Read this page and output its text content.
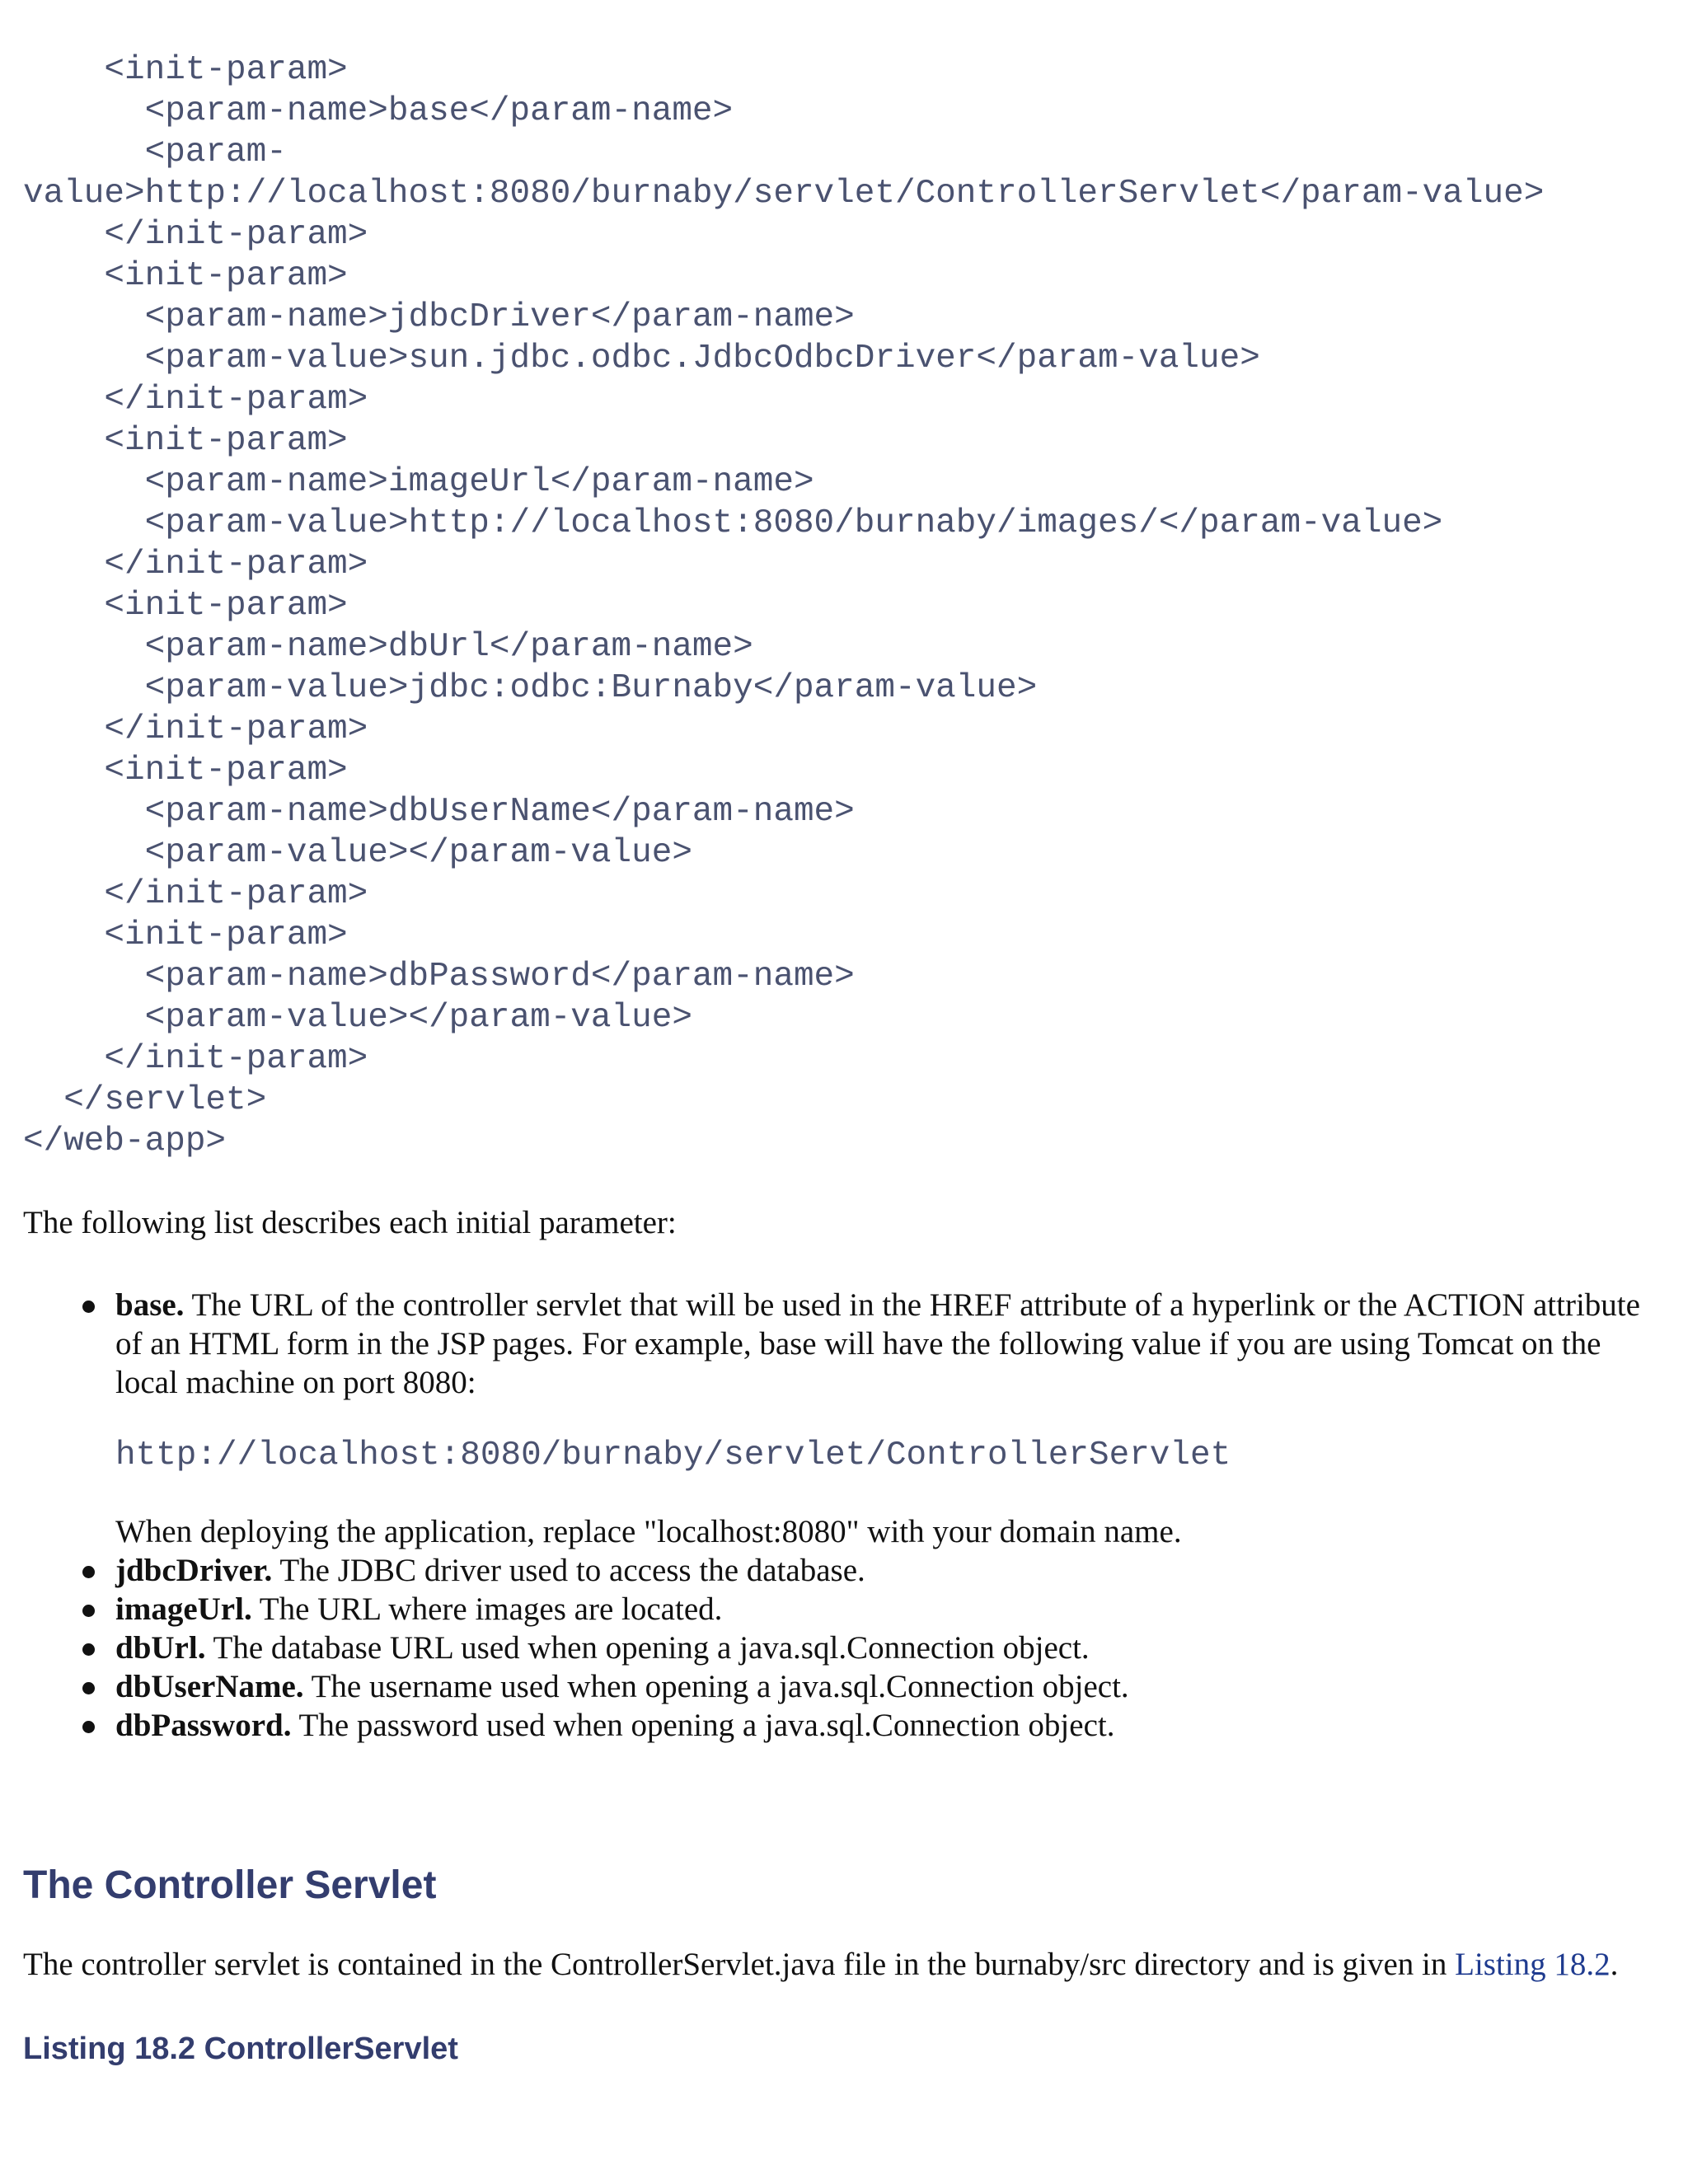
<init-param>
<param-name>base</param-name>
<param-
value>http://localhost:8080/burnaby/servlet/ControllerServlet</param-value>
</init-param>
<init-param>
<param-name>jdbcDriver</param-name>
<param-value>sun.jdbc.odbc.JdbcOdbcDriver</param-value>
</init-param>
<init-param>
<param-name>imageUrl</param-name>
<param-value>http://localhost:8080/burnaby/images/</param-value>
</init-param>
<init-param>
<param-name>dbUrl</param-name>
<param-value>jdbc:odbc:Burnaby</param-value>
</init-param>
<init-param>
<param-name>dbUserName</param-name>
<param-value></param-value>
</init-param>
<init-param>
<param-name>dbPassword</param-name>
<param-value></param-value>
</init-param>
</servlet>
</web-app>

The following list describes each initial parameter:

base. The URL of the controller servlet that will be used in the HREF attribute of a hyperlink or the ACTION attribute of an HTML form in the JSP pages. For example, base will have the following value if you are using Tomcat on the local machine on port 8080:
http://localhost:8080/burnaby/servlet/ControllerServlet
When deploying the application, replace "localhost:8080" with your domain name.
jdbcDriver. The JDBC driver used to access the database.
imageUrl. The URL where images are located.
dbUrl. The database URL used when opening a java.sql.Connection object.
dbUserName. The username used when opening a java.sql.Connection object.
dbPassword. The password used when opening a java.sql.Connection object.
The Controller Servlet

The controller servlet is contained in the ControllerServlet.java file in the burnaby/src directory and is given in Listing 18.2.

Listing 18.2 ControllerServlet
